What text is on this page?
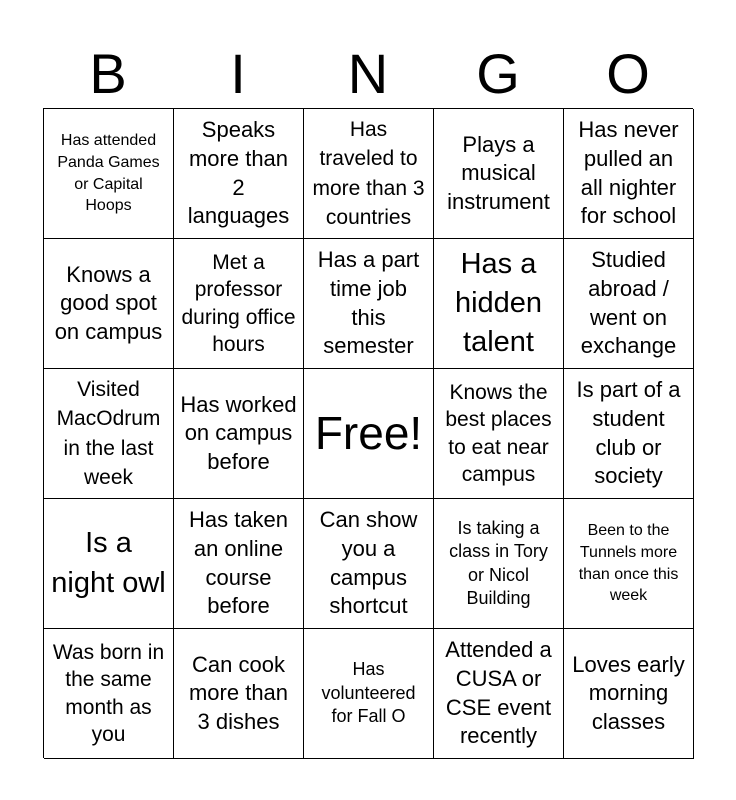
B	I	N	G	O
Has attended Panda Games or Capital Hoops
Speaks more than 2 languages
Has traveled to more than 3 countries
Plays a musical instrument
Has never pulled an all nighter for school
Knows a good spot on campus
Met a professor during office hours
Has a part time job this semester
Has a hidden talent
Studied abroad / went on exchange
Visited MacOdrum in the last week
Has worked on campus before
Free!
Knows the best places to eat near campus
Is part of a student club or society
Is a night owl
Has taken an online course before
Can show you a campus shortcut
Is taking a class in Tory or Nicol Building
Been to the Tunnels more than once this week
Was born in the same month as you
Can cook more than 3 dishes
Has volunteered for Fall O
Attended a CUSA or CSE event recently
Loves early morning classes
